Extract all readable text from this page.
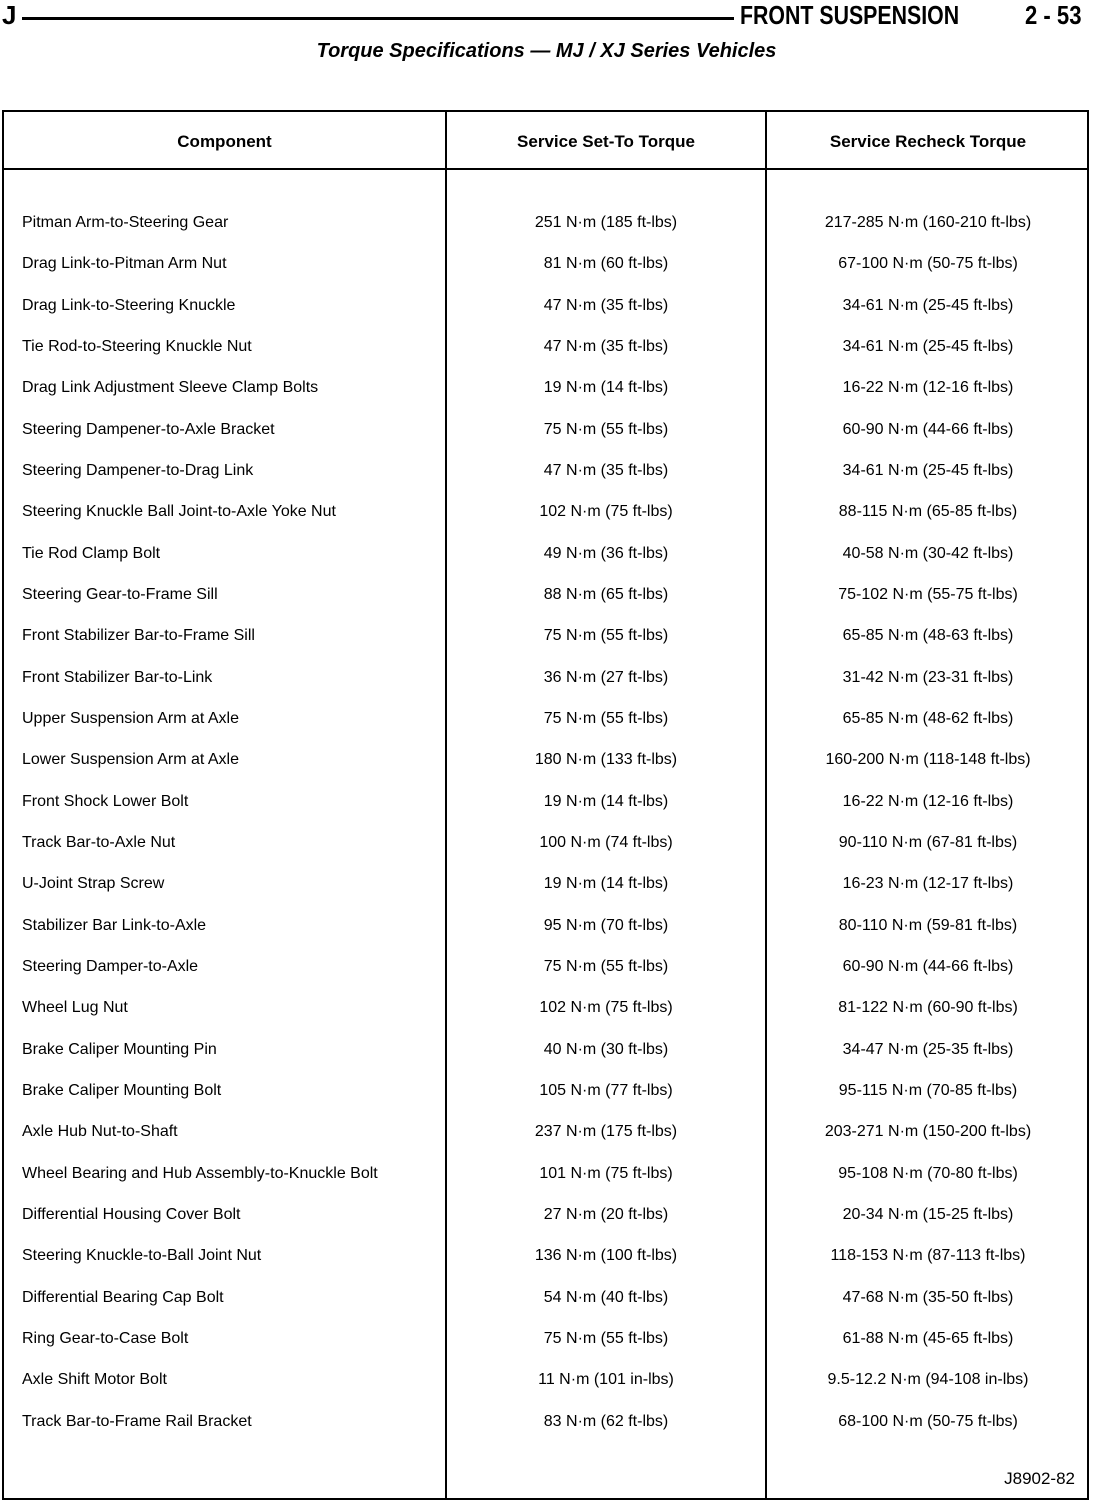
J	FRONT SUSPENSION	2 - 53
Torque Specifications — MJ / XJ Series Vehicles
Component	Service Set-To Torque	Service Recheck Torque
Pitman Arm-to-Steering Gear	251 N·m (185 ft-lbs)	217-285 N·m (160-210 ft-lbs)
Drag Link-to-Pitman Arm Nut	81 N·m (60 ft-lbs)	67-100 N·m (50-75 ft-lbs)
Drag Link-to-Steering Knuckle	47 N·m (35 ft-lbs)	34-61 N·m (25-45 ft-lbs)
Tie Rod-to-Steering Knuckle Nut	47 N·m (35 ft-lbs)	34-61 N·m (25-45 ft-lbs)
Drag Link Adjustment Sleeve Clamp Bolts	19 N·m (14 ft-lbs)	16-22 N·m (12-16 ft-lbs)
Steering Dampener-to-Axle Bracket	75 N·m (55 ft-lbs)	60-90 N·m (44-66 ft-lbs)
Steering Dampener-to-Drag Link	47 N·m (35 ft-lbs)	34-61 N·m (25-45 ft-lbs)
Steering Knuckle Ball Joint-to-Axle Yoke Nut	102 N·m (75 ft-lbs)	88-115 N·m (65-85 ft-lbs)
Tie Rod Clamp Bolt	49 N·m (36 ft-lbs)	40-58 N·m (30-42 ft-lbs)
Steering Gear-to-Frame Sill	88 N·m (65 ft-lbs)	75-102 N·m (55-75 ft-lbs)
Front Stabilizer Bar-to-Frame Sill	75 N·m (55 ft-lbs)	65-85 N·m (48-63 ft-lbs)
Front Stabilizer Bar-to-Link	36 N·m (27 ft-lbs)	31-42 N·m (23-31 ft-lbs)
Upper Suspension Arm at Axle	75 N·m (55 ft-lbs)	65-85 N·m (48-62 ft-lbs)
Lower Suspension Arm at Axle	180 N·m (133 ft-lbs)	160-200 N·m (118-148 ft-lbs)
Front Shock Lower Bolt	19 N·m (14 ft-lbs)	16-22 N·m (12-16 ft-lbs)
Track Bar-to-Axle Nut	100 N·m (74 ft-lbs)	90-110 N·m (67-81 ft-lbs)
U-Joint Strap Screw	19 N·m (14 ft-lbs)	16-23 N·m (12-17 ft-lbs)
Stabilizer Bar Link-to-Axle	95 N·m (70 ft-lbs)	80-110 N·m (59-81 ft-lbs)
Steering Damper-to-Axle	75 N·m (55 ft-lbs)	60-90 N·m (44-66 ft-lbs)
Wheel Lug Nut	102 N·m (75 ft-lbs)	81-122 N·m (60-90 ft-lbs)
Brake Caliper Mounting Pin	40 N·m (30 ft-lbs)	34-47 N·m (25-35 ft-lbs)
Brake Caliper Mounting Bolt	105 N·m (77 ft-lbs)	95-115 N·m (70-85 ft-lbs)
Axle Hub Nut-to-Shaft	237 N·m (175 ft-lbs)	203-271 N·m (150-200 ft-lbs)
Wheel Bearing and Hub Assembly-to-Knuckle Bolt	101 N·m (75 ft-lbs)	95-108 N·m (70-80 ft-lbs)
Differential Housing Cover Bolt	27 N·m (20 ft-lbs)	20-34 N·m (15-25 ft-lbs)
Steering Knuckle-to-Ball Joint Nut	136 N·m (100 ft-lbs)	118-153 N·m (87-113 ft-lbs)
Differential Bearing Cap Bolt	54 N·m (40 ft-lbs)	47-68 N·m (35-50 ft-lbs)
Ring Gear-to-Case Bolt	75 N·m (55 ft-lbs)	61-88 N·m (45-65 ft-lbs)
Axle Shift Motor Bolt	11 N·m (101 in-lbs)	9.5-12.2 N·m (94-108 in-lbs)
Track Bar-to-Frame Rail Bracket	83 N·m (62 ft-lbs)	68-100 N·m (50-75 ft-lbs)
J8902-82
